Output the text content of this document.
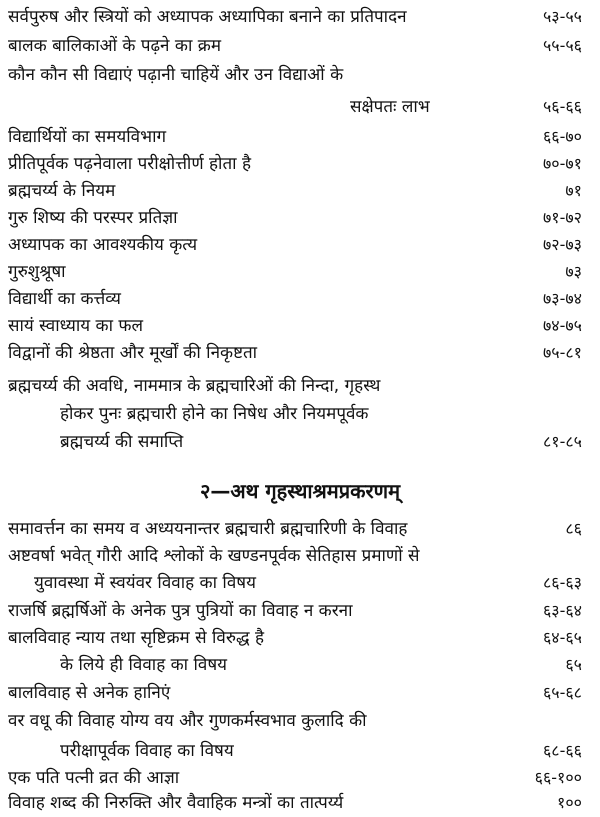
सर्वपुरुष और स्त्रियों को अध्यापक अध्यापिका बनाने का प्रतिपादन	५३-५५
बालक बालिकाओं के पढ़ने का क्रम	५५-५६
कौन कौन सी विद्याएं पढ़ानी चाहियें और उन विद्याओं के
सक्षेपतः लाभ	५६-६६
विद्यार्थियों का समयविभाग	६६-७०
प्रीतिपूर्वक पढ़नेवाला परीक्षोत्तीर्ण होता है	७०-७१
ब्रह्मचर्य्य के नियम	७१
गुरु शिष्य की परस्पर प्रतिज्ञा	७१-७२
अध्यापक का आवश्यकीय कृत्य	७२-७३
गुरुशुश्रूषा	७३
विद्यार्थी का कर्त्तव्य	७३-७४
सायं स्वाध्याय का फल	७४-७५
विद्वानों की श्रेष्ठता और मूर्खों की निकृष्टता	७५-८१
ब्रह्मचर्य्य की अवधि, नाममात्र के ब्रह्मचारिओं की निन्दा, गृहस्थ
होकर पुनः ब्रह्मचारी होने का निषेध और नियमपूर्वक
ब्रह्मचर्य्य की समाप्ति	८१-८५
२—अथ गृहस्थाश्रमप्रकरणम्
समावर्त्तन का समय व अध्ययनान्तर ब्रह्मचारी ब्रह्मचारिणी के विवाह	८६
अष्टवर्षा भवेत् गौरी आदि श्लोकों के खण्डनपूर्वक सेतिहास प्रमाणों से
युवावस्था में स्वयंवर विवाह का विषय	८६-६३
राजर्षि ब्रह्मर्षिओं के अनेक पुत्र पुत्रियों का विवाह न करना	६३-६४
बालविवाह न्याय तथा सृष्टिक्रम से विरुद्ध है	६४-६५
के लिये ही विवाह का विषय	६५
बालविवाह से अनेक हानिएं	६५-६८
वर वधू की विवाह योग्य वय और गुणकर्मस्वभाव कुलादि की
परीक्षापूर्वक विवाह का विषय	६८-६६
एक पति पत्नी व्रत की आज्ञा	६६-१००
विवाह शब्द की निरुक्ति और वैवाहिक मन्त्रों का तात्पर्य्य	१००
